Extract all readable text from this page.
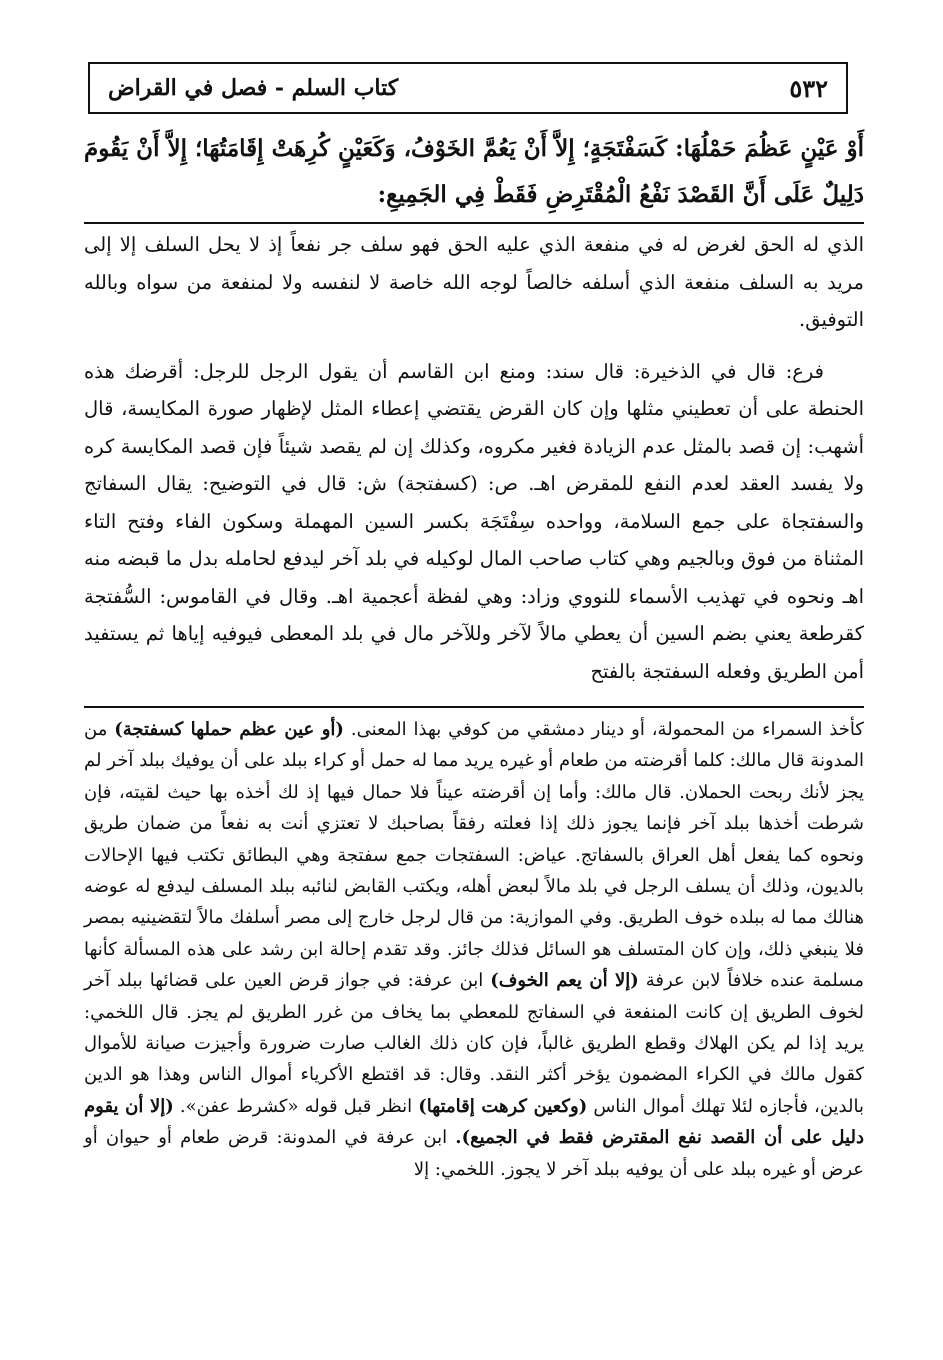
٥٣٢
كتاب السلم - فصل في القراض

أَوْ عَيْنٍ عَظُمَ حَمْلُهَا: كَسَفْتَجَةٍ؛ إِلاَّ أَنْ يَعُمَّ الخَوْفُ، وَكَعَيْنٍ كُرِهَتْ إِقَامَتُهَا؛ إِلاَّ أَنْ يَقُومَ دَلِيلٌ عَلَى أَنَّ القَصْدَ نَفْعُ الْمُقْتَرِضِ فَقَطْ فِي الجَمِيعِ:

الذي له الحق لغرض له في منفعة الذي عليه الحق فهو سلف جر نفعاً إذ لا يحل السلف إلا إلى مريد به السلف منفعة الذي أسلفه خالصاً لوجه الله خاصة لا لنفسه ولا لمنفعة من سواه وبالله التوفيق.

فرع: قال في الذخيرة: قال سند: ومنع ابن القاسم أن يقول الرجل للرجل: أقرضك هذه الحنطة على أن تعطيني مثلها وإن كان القرض يقتضي إعطاء المثل لإظهار صورة المكايسة، قال أشهب: إن قصد بالمثل عدم الزيادة فغير مكروه، وكذلك إن لم يقصد شيئاً فإن قصد المكايسة كره ولا يفسد العقد لعدم النفع للمقرض اهـ. ص: (كسفتجة) ش: قال في التوضيح: يقال السفاتج والسفتجاة على جمع السلامة، وواحده سِفْتَجَة بكسر السين المهملة وسكون الفاء وفتح التاء المثناة من فوق وبالجيم وهي كتاب صاحب المال لوكيله في بلد آخر ليدفع لحامله بدل ما قبضه منه اهـ ونحوه في تهذيب الأسماء للنووي وزاد: وهي لفظة أعجمية اهـ. وقال في القاموس: السُّفتجة كقرطعة يعني بضم السين أن يعطي مالاً لآخر وللآخر مال في بلد المعطى فيوفيه إياها ثم يستفيد أمن الطريق وفعله السفتجة بالفتح

كأخذ السمراء من المحمولة، أو دينار دمشقي من كوفي بهذا المعنى. (أو عين عظم حملها كسفتجة) من المدونة قال مالك: كلما أقرضته من طعام أو غيره يريد مما له حمل أو كراء ببلد على أن يوفيك ببلد آخر لم يجز لأنك ربحت الحملان. قال مالك: وأما إن أقرضته عيناً فلا حمال فيها إذ لك أخذه بها حيث لقيته، فإن شرطت أخذها ببلد آخر فإنما يجوز ذلك إذا فعلته رفقاً بصاحبك لا تعتزي أنت به نفعاً من ضمان طريق ونحوه كما يفعل أهل العراق بالسفاتج. عياض: السفتجات جمع سفتجة وهي البطائق تكتب فيها الإحالات بالديون، وذلك أن يسلف الرجل في بلد مالاً لبعض أهله، ويكتب القابض لنائبه ببلد المسلف ليدفع له عوضه هنالك مما له ببلده خوف الطريق. وفي الموازية: من قال لرجل خارج إلى مصر أسلفك مالاً لتقضينيه بمصر فلا ينبغي ذلك، وإن كان المتسلف هو السائل فذلك جائز. وقد تقدم إحالة ابن رشد على هذه المسألة كأنها مسلمة عنده خلافاً لابن عرفة (إلا أن يعم الخوف) ابن عرفة: في جواز قرض العين على قضائها ببلد آخر لخوف الطريق إن كانت المنفعة في السفاتج للمعطي بما يخاف من غرر الطريق لم يجز. قال اللخمي: يريد إذا لم يكن الهلاك وقطع الطريق غالباً، فإن كان ذلك الغالب صارت ضرورة وأجيزت صيانة للأموال كقول مالك في الكراء المضمون يؤخر أكثر النقد. وقال: قد اقتطع الأكرياء أموال الناس وهذا هو الدين بالدين، فأجازه لئلا تهلك أموال الناس (وكعين كرهت إقامتها) انظر قبل قوله «كشرط عفن». (إلا أن يقوم دليل على أن القصد نفع المقترض فقط في الجميع). ابن عرفة في المدونة: قرض طعام أو حيوان أو عرض أو غيره ببلد على أن يوفيه ببلد آخر لا يجوز. اللخمي: إلا
